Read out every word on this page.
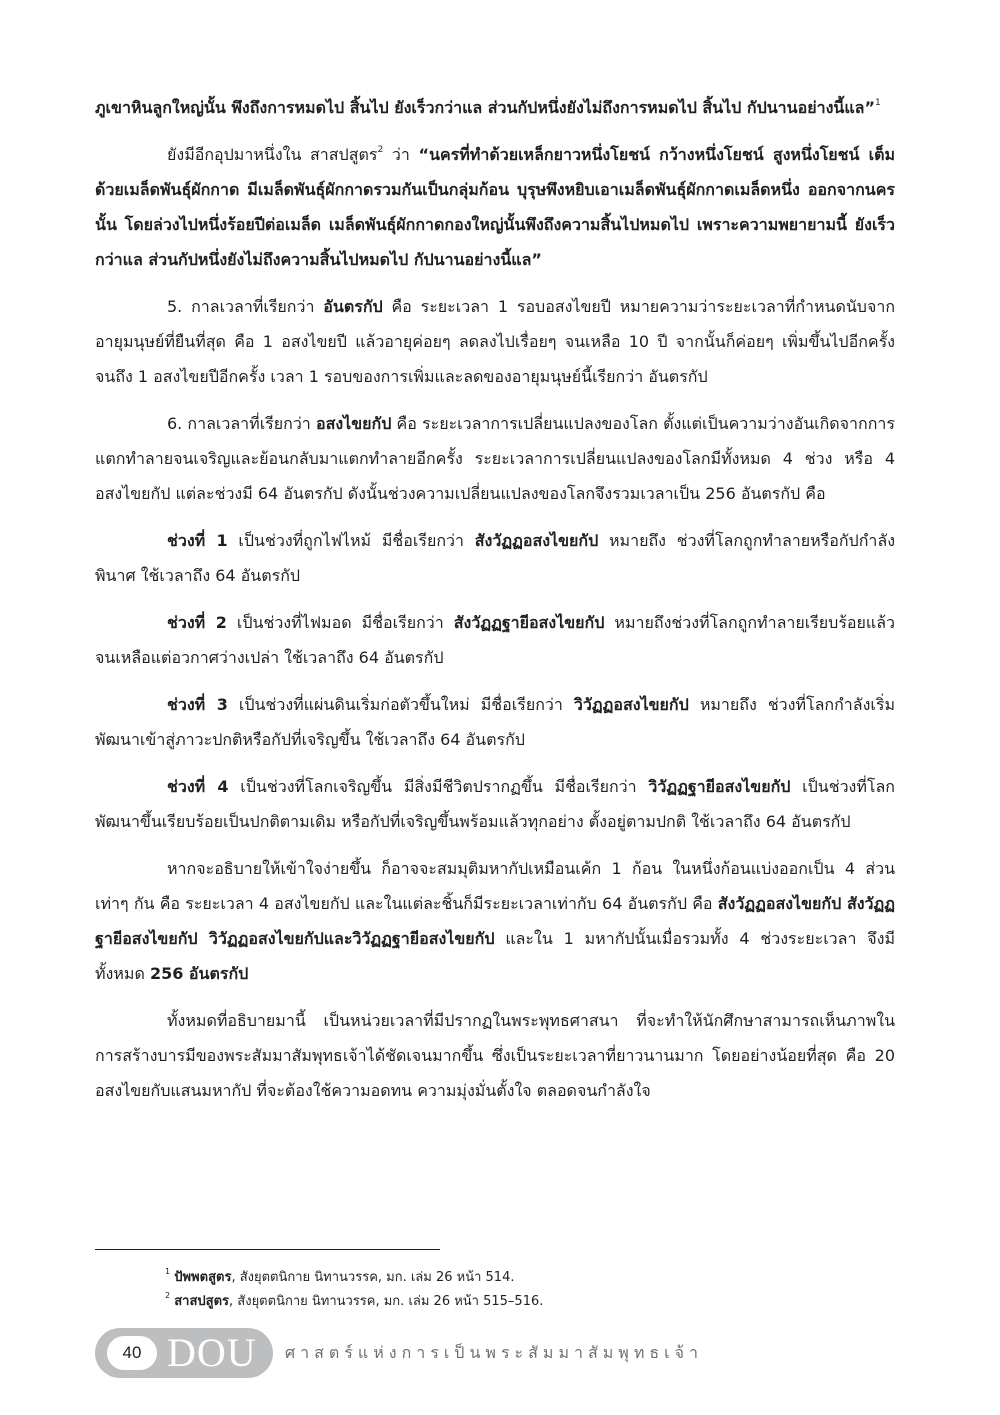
ภูเขาหินลูกใหญ่นั้น พึงถึงการหมดไป สิ้นไป ยังเร็วกว่าแล ส่วนกัปหนึ่งยังไม่ถึงการหมดไป สิ้นไป กัปนานอย่างนี้แล”$^1$

ยังมีอีกอุปมาหนึ่งใน สาสปสูตร$^2$ ว่า “นครที่ทำด้วยเหล็กยาวหนึ่งโยชน์ กว้างหนึ่งโยชน์ สูงหนึ่งโยชน์ เต็มด้วยเมล็ดพันธุ์ผักกาด มีเมล็ดพันธุ์ผักกาดรวมกันเป็นกลุ่มก้อน บุรุษพึงหยิบเอาเมล็ดพันธุ์ผักกาดเมล็ดหนึ่ง ออกจากนครนั้น โดยล่วงไปหนึ่งร้อยปีต่อเมล็ด เมล็ดพันธุ์ผักกาดกองใหญ่นั้นพึงถึงความสิ้นไปหมดไป เพราะความพยายามนี้ ยังเร็วกว่าแล ส่วนกัปหนึ่งยังไม่ถึงความสิ้นไปหมดไป กัปนานอย่างนี้แล”

5. กาลเวลาที่เรียกว่า อันตรกัป คือ ระยะเวลา 1 รอบอสงไขยปี หมายความว่าระยะเวลาที่กำหนดนับจากอายุมนุษย์ที่ยืนที่สุด คือ 1 อสงไขยปี แล้วอายุค่อยๆ ลดลงไปเรื่อยๆ จนเหลือ 10 ปี จากนั้นก็ค่อยๆ เพิ่มขึ้นไปอีกครั้งจนถึง 1 อสงไขยปีอีกครั้ง เวลา 1 รอบของการเพิ่มและลดของอายุมนุษย์นี้เรียกว่า อันตรกัป

6. กาลเวลาที่เรียกว่า อสงไขยกัป คือ ระยะเวลาการเปลี่ยนแปลงของโลก ตั้งแต่เป็นความว่างอันเกิดจากการแตกทำลายจนเจริญและย้อนกลับมาแตกทำลายอีกครั้ง ระยะเวลาการเปลี่ยนแปลงของโลกมีทั้งหมด 4 ช่วง หรือ 4 อสงไขยกัป แต่ละช่วงมี 64 อันตรกัป ดังนั้นช่วงความเปลี่ยนแปลงของโลกจึงรวมเวลาเป็น 256 อันตรกัป คือ

ช่วงที่ 1 เป็นช่วงที่ถูกไฟไหม้ มีชื่อเรียกว่า สังวัฏฏอสงไขยกัป หมายถึง ช่วงที่โลกถูกทำลายหรือกัปกำลังพินาศ ใช้เวลาถึง 64 อันตรกัป

ช่วงที่ 2 เป็นช่วงที่ไฟมอด มีชื่อเรียกว่า สังวัฏฏฐายีอสงไขยกัป หมายถึงช่วงที่โลกถูกทำลายเรียบร้อยแล้ว จนเหลือแต่อวกาศว่างเปล่า ใช้เวลาถึง 64 อันตรกัป

ช่วงที่ 3 เป็นช่วงที่แผ่นดินเริ่มก่อตัวขึ้นใหม่ มีชื่อเรียกว่า วิวัฏฏอสงไขยกัป หมายถึง ช่วงที่โลกกำลังเริ่มพัฒนาเข้าสู่ภาวะปกติหรือกัปที่เจริญขึ้น ใช้เวลาถึง 64 อันตรกัป

ช่วงที่ 4 เป็นช่วงที่โลกเจริญขึ้น มีสิ่งมีชีวิตปรากฏขึ้น มีชื่อเรียกว่า วิวัฏฏฐายีอสงไขยกัป เป็นช่วงที่โลกพัฒนาขึ้นเรียบร้อยเป็นปกติตามเดิม หรือกัปที่เจริญขึ้นพร้อมแล้วทุกอย่าง ตั้งอยู่ตามปกติ ใช้เวลาถึง 64 อันตรกัป

หากจะอธิบายให้เข้าใจง่ายขึ้น ก็อาจจะสมมุติมหากัปเหมือนเค้ก 1 ก้อน ในหนึ่งก้อนแบ่งออกเป็น 4 ส่วนเท่าๆ กัน คือ ระยะเวลา 4 อสงไขยกัป และในแต่ละชิ้นก็มีระยะเวลาเท่ากับ 64 อันตรกัป คือ สังวัฏฏอสงไขยกัป สังวัฏฏฐายีอสงไขยกัป วิวัฏฏอสงไขยกัปและวิวัฏฏฐายีอสงไขยกัป และใน 1 มหากัปนั้นเมื่อรวมทั้ง 4 ช่วงระยะเวลา จึงมีทั้งหมด 256 อันตรกัป

ทั้งหมดที่อธิบายมานี้ เป็นหน่วยเวลาที่มีปรากฏในพระพุทธศาสนา ที่จะทำให้นักศึกษาสามารถเห็นภาพในการสร้างบารมีของพระสัมมาสัมพุทธเจ้าได้ชัดเจนมากขึ้น ซึ่งเป็นระยะเวลาที่ยาวนานมาก โดยอย่างน้อยที่สุด คือ 20 อสงไขยกับแสนมหากัป ที่จะต้องใช้ความอดทน ความมุ่งมั่นตั้งใจ ตลอดจนกำลังใจ

$^1$ ปัพพตสูตร, สังยุตตนิกาย นิทานวรรค, มก. เล่ม 26 หน้า 514.
$^2$ สาสปสูตร, สังยุตตนิกาย นิทานวรรค, มก. เล่ม 26 หน้า 515–516.
40 DOU ศาสตร์แห่งการเป็นพระสัมมาสัมพุทธเจ้า
